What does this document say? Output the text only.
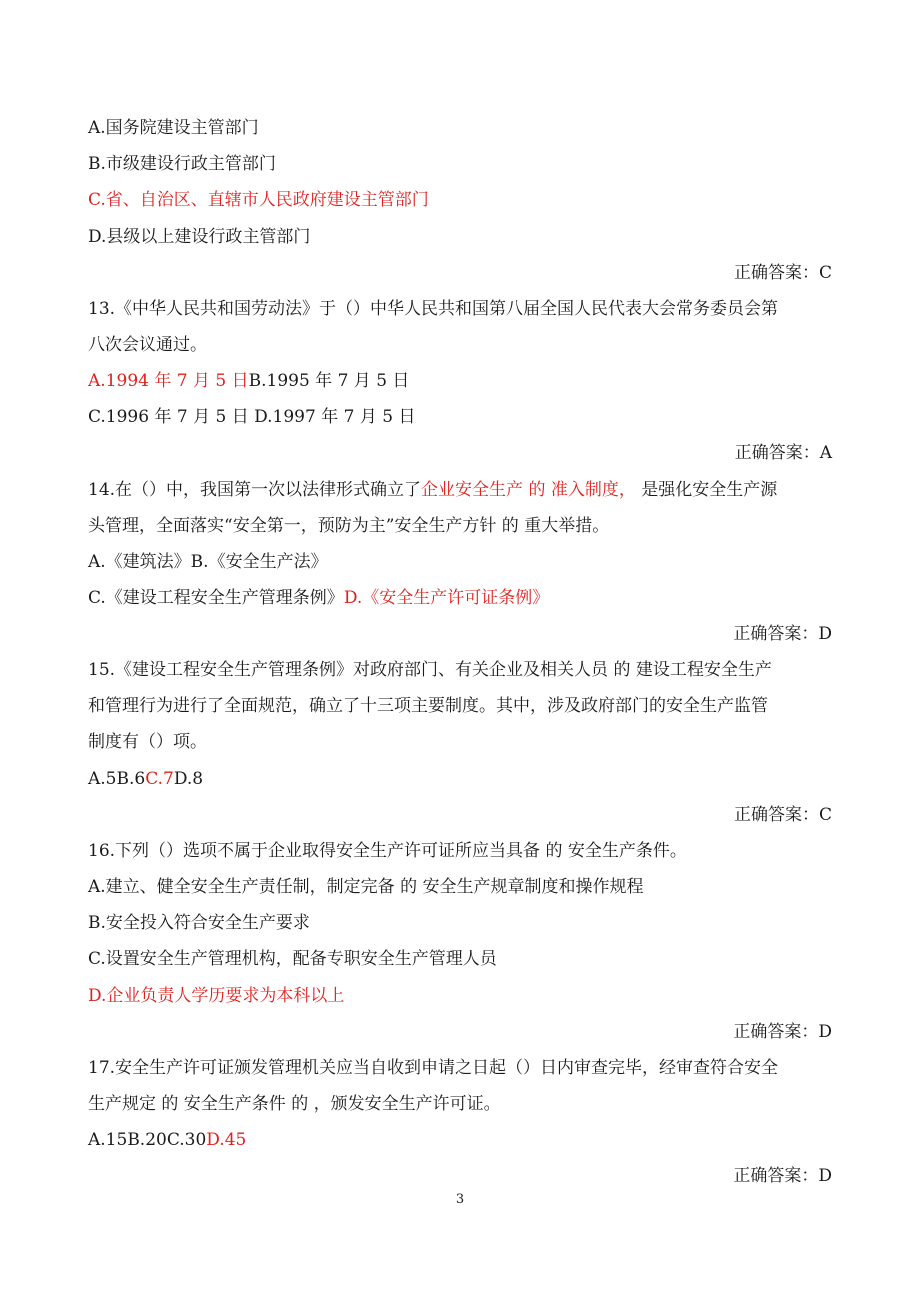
A.国务院建设主管部门
B.市级建设行政主管部门
C.省、自治区、直辖市人民政府建设主管部门
D.县级以上建设行政主管部门
正确答案：C
13.《中华人民共和国劳动法》于（）中华人民共和国第八届全国人民代表大会常务委员会第
八次会议通过。
A.1994 年 7 月 5 日B.1995 年 7 月 5 日
C.1996 年 7 月 5 日 D.1997 年 7 月 5 日
正确答案：A
14.在（）中，我国第一次以法律形式确立了企业安全生产 的 准入制度， 是强化安全生产源
头管理，全面落实“安全第一，预防为主”安全生产方针 的 重大举措。
A.《建筑法》B.《安全生产法》
C.《建设工程安全生产管理条例》D.《安全生产许可证条例》
正确答案：D
15.《建设工程安全生产管理条例》对政府部门、有关企业及相关人员 的 建设工程安全生产
和管理行为进行了全面规范，确立了十三项主要制度。其中，涉及政府部门的安全生产监管
制度有（）项。
A.5B.6C.7D.8
正确答案：C
16.下列（）选项不属于企业取得安全生产许可证所应当具备 的 安全生产条件。
A.建立、健全安全生产责任制，制定完备 的 安全生产规章制度和操作规程
B.安全投入符合安全生产要求
C.设置安全生产管理机构，配备专职安全生产管理人员
D.企业负责人学历要求为本科以上
正确答案：D
17.安全生产许可证颁发管理机关应当自收到申请之日起（）日内审查完毕，经审查符合安全
生产规定 的 安全生产条件 的 ，颁发安全生产许可证。
A.15B.20C.30D.45
正确答案：D
3
